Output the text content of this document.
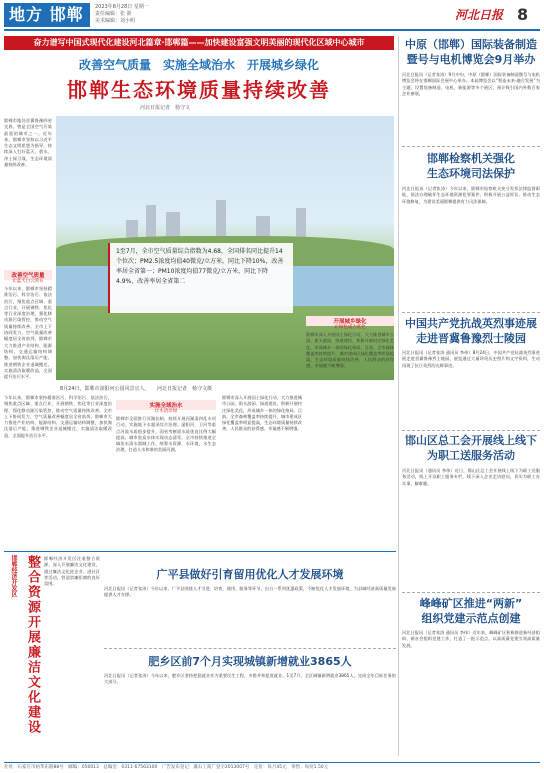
地方 邯郸	2023年8月28日 星期一
责任编辑：张 新
美术编辑：刘小明	河北日报 8
奋力谱写中国式现代化建设河北篇章·邯郸篇——加快建设富强文明美丽的现代化区域中心城市
改善空气质量　实施全域治水　开展城乡绿化
邯郸生态环境质量持续改善
河北日报记者　杨守文
邯郸市地处晋冀鲁豫四省交界，曾是全国空气污染最重的城市之一。近年来，邯郸市坚持以习近平生态文明思想为指导，持续深入打好蓝天、碧水、净土保卫战，生态环境质量持续改善。
1至7月，全市空气质量综合指数为4.68，全国排名同比提升14个位次；PM2.5浓度均值40微克/立方米，同比下降10%，改善率居全省第一；PM10浓度均值77微克/立方米，同比下降4.9%，改善率居全省第二
8月24日，邯郸市滏阳河公园风景宜人。　　河北日报记者　杨守文摄
改善空气质量
让蓝天白云常在
今年以来，邯郸市坚持精准治污、科学治污、依法治污，聚焦重点区域、重点行业，开展钢铁、焦化等行业深度治理，强化移动源污染管控，推动空气质量持续改善。全市上下协同发力，空气质量改善幅度居全省前列。邯郸市大力推进产业结构、能源结构、交通运输结构调整，加快淘汰落后产能，推进钢铁企业退城搬迁，实施清洁取暖改造，全面提升治污水平。
今年以来，邯郸市坚持精准治污、科学治污、依法治污，聚焦重点区域、重点行业，开展钢铁、焦化等行业深度治理，强化移动源污染管控，推动空气质量持续改善。全市上下协同发力，空气质量改善幅度居全省前列。邯郸市大力推进产业结构、能源结构、交通运输结构调整，加快淘汰落后产能，推进钢铁企业退城搬迁，实施清洁取暖改造，全面提升治污水平。
实施全域治水
让水清岸绿
邯郸市全面推行河湖长制，持续开展河湖清四乱专项行动，实施地下水超采综合治理。滏阳河、卫河等重点河流水质稳步提升，国省考断面水质优良比例大幅提高，城市黑臭水体实现动态清零。全市持续推进全域治水清水润城工作，统筹水资源、水环境、水生态治理，打造人水和谐的美丽河湖。
邯郸市深入开展国土绿化行动，大力推进城市公园、街头游园、绿道建设，积极开展村庄绿化美化，形成城乡一体的绿化格局。目前，全市森林覆盖率持续提升，城市建成区绿化覆盖率明显提高，生态环境质量持续改善，人民群众的获得感、幸福感不断增强。
开展城乡绿化
让绿色成为底色
邯郸市深入开展国土绿化行动，大力推进城市公园、街头游园、绿道建设，积极开展村庄绿化美化，形成城乡一体的绿化格局。目前，全市森林覆盖率持续提升，城市建成区绿化覆盖率明显提高，生态环境质量持续改善，人民群众的获得感、幸福感不断增强。
中原（邯郸）国际装备制造
暨号与电机博览会9月举办
河北日报讯（记者张涛）9月中旬，中原（邯郸）国际装备制造暨号与电机博览会将在邯郸国际会展中心举办。本届博览会以“智造未来·融合发展”为主题，设置装备制造、电机、新能源等多个展区，预计吸引国内外数百家企业参展。
邯郸检察机关强化
生态环境司法保护
河北日报讯（记者张涛）今年以来，邯郸市检察机关充分发挥法律监督职能，依法办理破坏生态环境资源犯罪案件，积极开展公益诉讼，推动生态环境修复，为建设美丽邯郸提供有力司法保障。
中国共产党抗战英烈事迹展
走进晋冀鲁豫烈士陵园
河北日报讯（记者张涛 通讯员 李伟）8月24日，中国共产党抗战英烈事迹展走进晋冀鲁豫烈士陵园，展览通过大量珍贵历史图片和文字资料，生动再现了抗日英烈的光辉事迹。
邯山区总工会开展线上线下
为职工送服务活动
河北日报讯（通讯员 李伟）近日，邯山区总工会开展线上线下为职工送服务活动，线上开设职工服务专栏，线下深入企业走访慰问，切实为职工办实事、解难题。
峰峰矿区推进“两新”
组织党建示范点创建
河北日报讯（记者张涛 通讯员 李伟）近年来，峰峰矿区积极推进新经济组织、新社会组织党建工作，打造了一批示范点，以高质量党建引领高质量发展。
邯郸经济开发区 整合资源开展廉洁文化建设 邯郸经济开发区注重整合资源，深入开展廉洁文化建设，通过廉洁文化进企业、进社区等活动，营造崇廉拒腐的良好氛围。
广平县做好引育留用优化人才发展环境
河北日报讯（记者张涛）今年以来，广平县围绕人才引进、培育、使用、服务等环节，出台一系列优惠政策，不断优化人才发展环境，为县域经济高质量发展提供人才支撑。
肥乡区前7个月实现城镇新增就业3865人
河北日报讯（记者张涛）今年以来，肥乡区坚持把稳就业作为重要民生工程，多措并举促进就业。1至7月，全区城镇新增就业3865人，完成全年目标任务的大部分。
社址：石家庄市裕华东路88号　邮编：050013　总编室：0311-67563100　广告发布登记：冀石工商广登字2013007号　定价：每月45元　零售：每份1.50元
